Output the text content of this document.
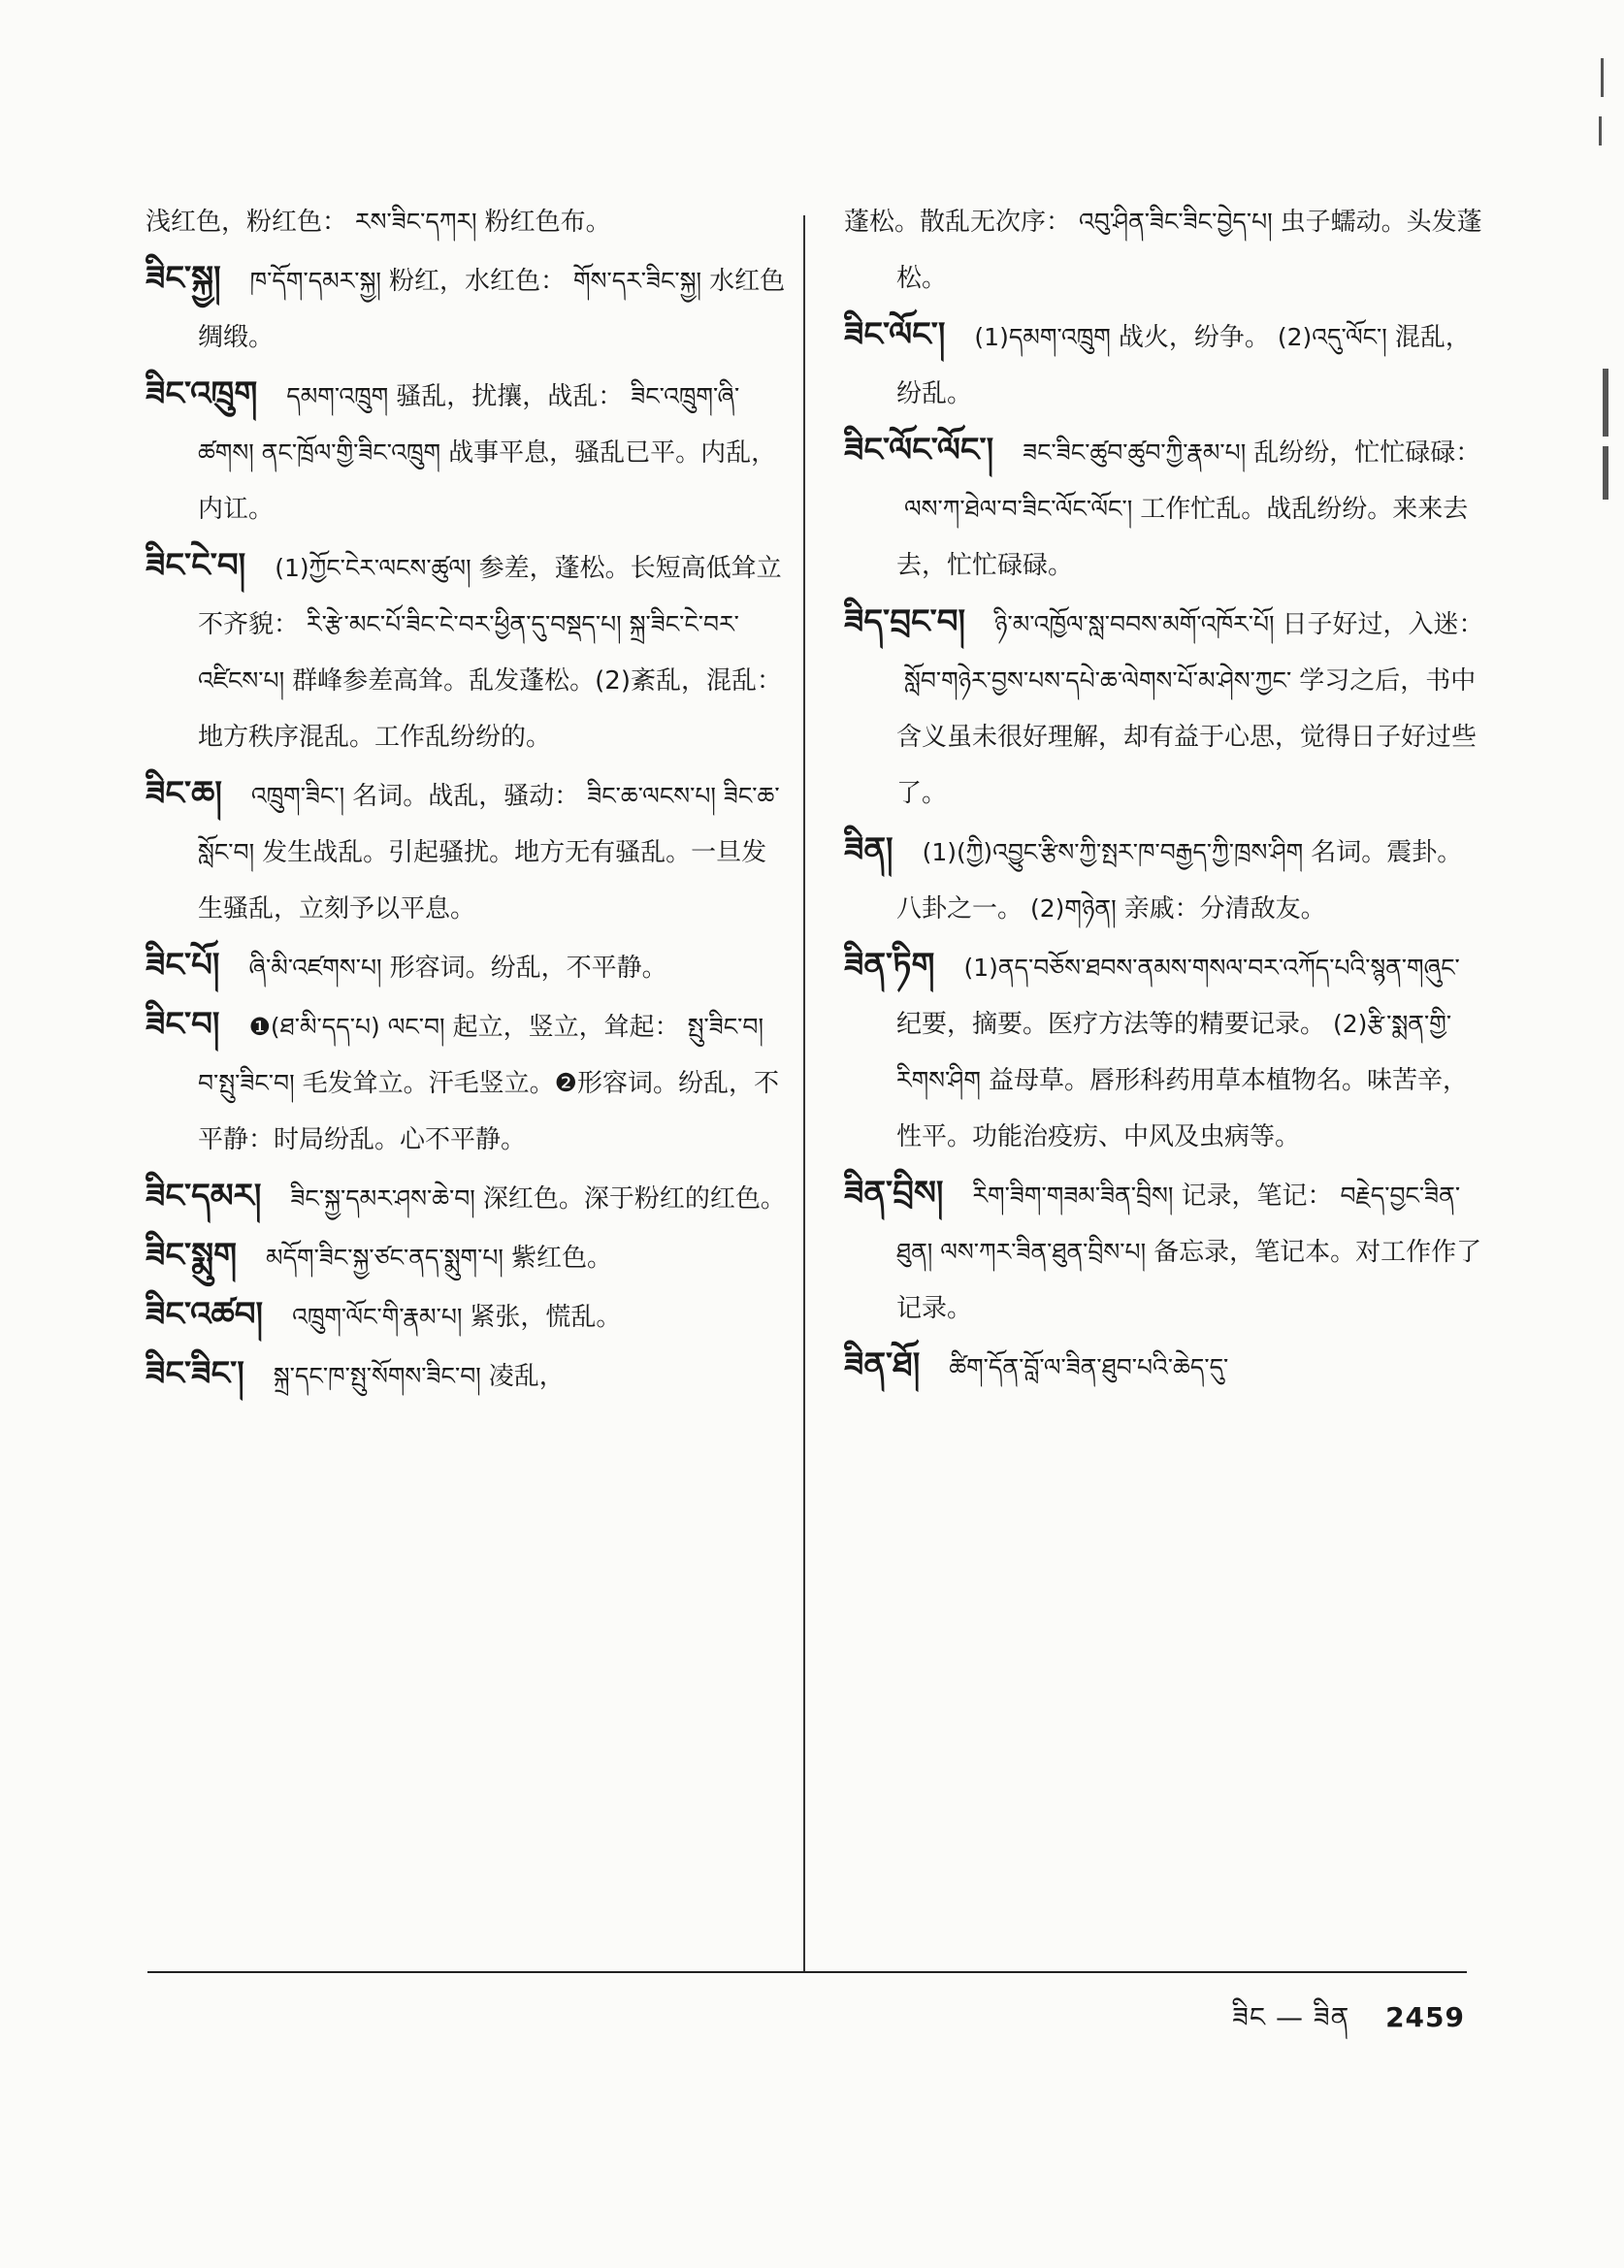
浅红色，粉红色： རས་ཟིང་དཀར། 粉红色布。

ཟིང་སྐྱ། ཁ་དོག་དམར་སྐྱ། 粉红，水红色： གོས་དར་ཟིང་སྐྱ། 水红色绸缎。

ཟིང་འཁྲུག དམག་འཁྲུག 骚乱，扰攘，战乱： ཟིང་འཁྲུག་ཞི་ཚགས། ནང་ཁྲོལ་གྱི་ཟིང་འཁྲུག 战事平息，骚乱已平。内乱，内讧。

ཟིང་ངེ་བ། (1)ཀྱོང་ངེར་ལངས་ཚུལ། 参差，蓬松。长短高低耸立不齐貌： རི་རྩེ་མང་པོ་ཟིང་ངེ་བར་ཕྱིན་དུ་བསྡད་པ། སྐྲ་ཟིང་ངེ་བར་འཛིངས་པ། 群峰参差高耸。乱发蓬松。(2)紊乱，混乱：地方秩序混乱。工作乱纷纷的。

ཟིང་ཆ། འཁྲུག་ཟིང་། 名词。战乱，骚动： ཟིང་ཆ་ལངས་པ། ཟིང་ཆ་སློང་བ། 发生战乱。引起骚扰。地方无有骚乱。一旦发生骚乱，立刻予以平息。

ཟིང་པོ། ཞི་མི་འཛགས་པ། 形容词。纷乱，不平静。

ཟིང་བ། ❶(ཐ་མི་དད་པ) ལང་བ། 起立，竖立，耸起： སྤུ་ཟིང་བ། བ་སྤུ་ཟིང་བ། 毛发耸立。汗毛竖立。❷形容词。纷乱，不平静：时局纷乱。心不平静。

ཟིང་དམར། ཟིང་སྐྱ་དམར་ཤས་ཆེ་བ། 深红色。深于粉红的红色。

ཟིང་སྨུག མདོག་ཟིང་སྐྱ་ཙང་ནད་སྨུག་པ། 紫红色。

ཟིང་འཚབ། འཁྲུག་ལོང་གི་རྣམ་པ། 紧张，慌乱。

ཟིང་ཟིང་། སྐྲ་དང་ཁ་སྤུ་སོགས་ཟིང་བ། 凌乱，

蓬松。散乱无次序： འབུ་ཤིན་ཟིང་ཟིང་བྱེད་པ། 虫子蠕动。头发蓬松。

ཟིང་ལོང་། (1)དམག་འཁྲུག 战火，纷争。 (2)འདུ་ལོང་། 混乱，纷乱。

ཟིང་ལོང་ལོང་། ཟང་ཟིང་ཚུབ་ཚུབ་ཀྱི་རྣམ་པ། 乱纷纷，忙忙碌碌：ལས་ཀ་ཐེལ་བ་ཟིང་ལོང་ལོང་། 工作忙乱。战乱纷纷。来来去去，忙忙碌碌。

ཟིད་བྲང་བ། ཉི་མ་འཁྱོལ་སླ་བབས་མགོ་འཁོར་པོ། 日子好过，入迷：སློབ་གཉེར་བྱས་པས་དཔེ་ཆ་ལེགས་པོ་མ་ཤེས་ཀྱང་ 学习之后，书中含义虽未很好理解，却有益于心思，觉得日子好过些了。

ཟིན། (1)(ཀྱི)འབྱུང་རྩིས་ཀྱི་སྤར་ཁ་བརྒྱད་ཀྱི་ཁྲས་ཤིག 名词。震卦。八卦之一。 (2)གཉེན། 亲戚：分清敌友。

ཟིན་ཏིག (1)ནད་བཅོས་ཐབས་ནམས་གསལ་བར་འཀོད་པའི་སྙན་གཞུང་纪要，摘要。医疗方法等的精要记录。 (2)རྩི་སྨན་གྱི་རིགས་ཤིག 益母草。唇形科药用草本植物名。味苦辛，性平。功能治疫疠、中风及虫病等。

ཟིན་བྲིས། རིག་ཟིག་གཟམ་ཟིན་བྲིས། 记录，笔记： བརྗེད་བྱང་ཟིན་ཐུན། ལས་ཀར་ཟིན་ཐུན་བྲིས་པ། 备忘录，笔记本。对工作作了记录。

ཟིན་ཐོ། ཚིག་དོན་བློ་ལ་ཟིན་ཐུབ་པའི་ཆེད་དུ་

ཟིང — ཟིན 2459
